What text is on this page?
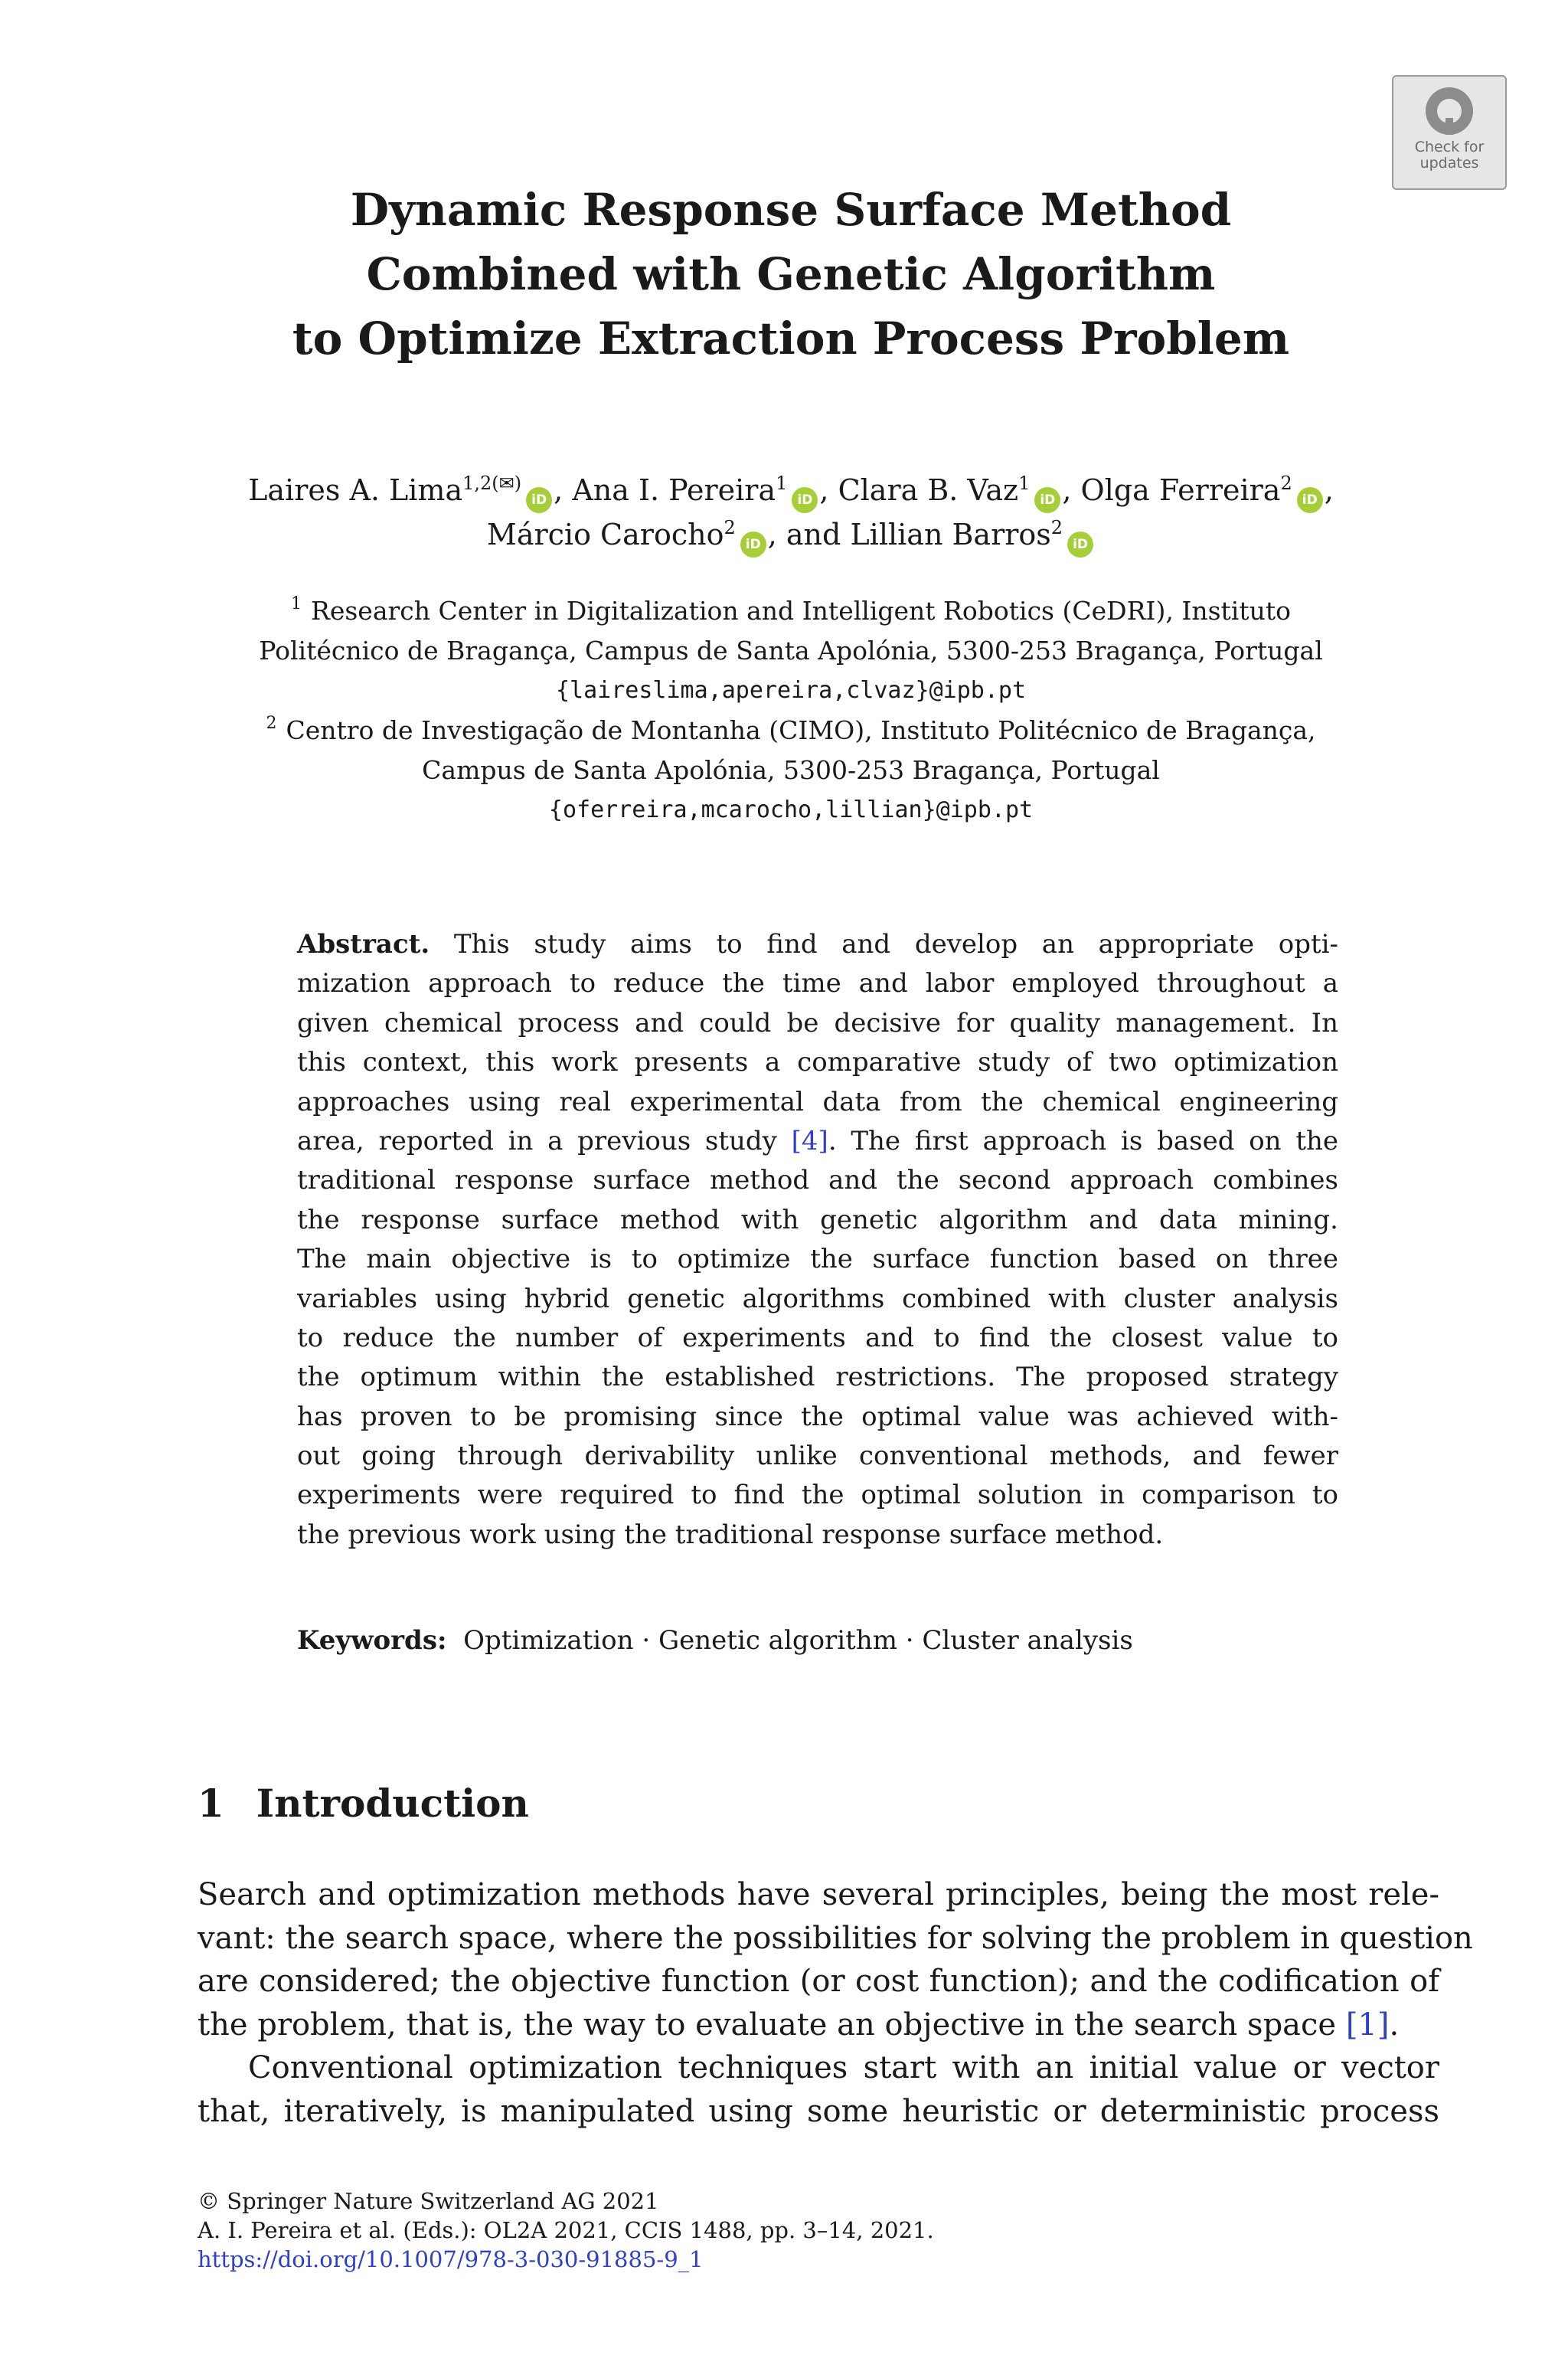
Check for
updates
Dynamic Response Surface Method
Combined with Genetic Algorithm
to Optimize Extraction Process Problem
Laires A. Lima$^{1,2(✉)}$iD , Ana I. Pereira$^1$iD , Clara B. Vaz$^1$iD , Olga Ferreira$^2$iD ,
Márcio Carocho$^2$iD , and Lillian Barros$^2$iD
$^1$ Research Center in Digitalization and Intelligent Robotics (CeDRI), Instituto
Politécnico de Bragança, Campus de Santa Apolónia, 5300-253 Bragança, Portugal
{laireslima,apereira,clvaz}@ipb.pt
$^2$ Centro de Investigação de Montanha (CIMO), Instituto Politécnico de Bragança,
Campus de Santa Apolónia, 5300-253 Bragança, Portugal
{oferreira,mcarocho,lillian}@ipb.pt
Abstract. This study aims to find and develop an appropriate opti-
mization approach to reduce the time and labor employed throughout a
given chemical process and could be decisive for quality management. In
this context, this work presents a comparative study of two optimization
approaches using real experimental data from the chemical engineering
area, reported in a previous study [4]. The first approach is based on the
traditional response surface method and the second approach combines
the response surface method with genetic algorithm and data mining.
The main objective is to optimize the surface function based on three
variables using hybrid genetic algorithms combined with cluster analysis
to reduce the number of experiments and to find the closest value to
the optimum within the established restrictions. The proposed strategy
has proven to be promising since the optimal value was achieved with-
out going through derivability unlike conventional methods, and fewer
experiments were required to find the optimal solution in comparison to
the previous work using the traditional response surface method.
Keywords: Optimization · Genetic algorithm · Cluster analysis
1 Introduction
Search and optimization methods have several principles, being the most rele-
vant: the search space, where the possibilities for solving the problem in question
are considered; the objective function (or cost function); and the codification of
the problem, that is, the way to evaluate an objective in the search space [1].
Conventional optimization techniques start with an initial value or vector
that, iteratively, is manipulated using some heuristic or deterministic process
© Springer Nature Switzerland AG 2021
A. I. Pereira et al. (Eds.): OL2A 2021, CCIS 1488, pp. 3–14, 2021.
https://doi.org/10.1007/978-3-030-91885-9_1
